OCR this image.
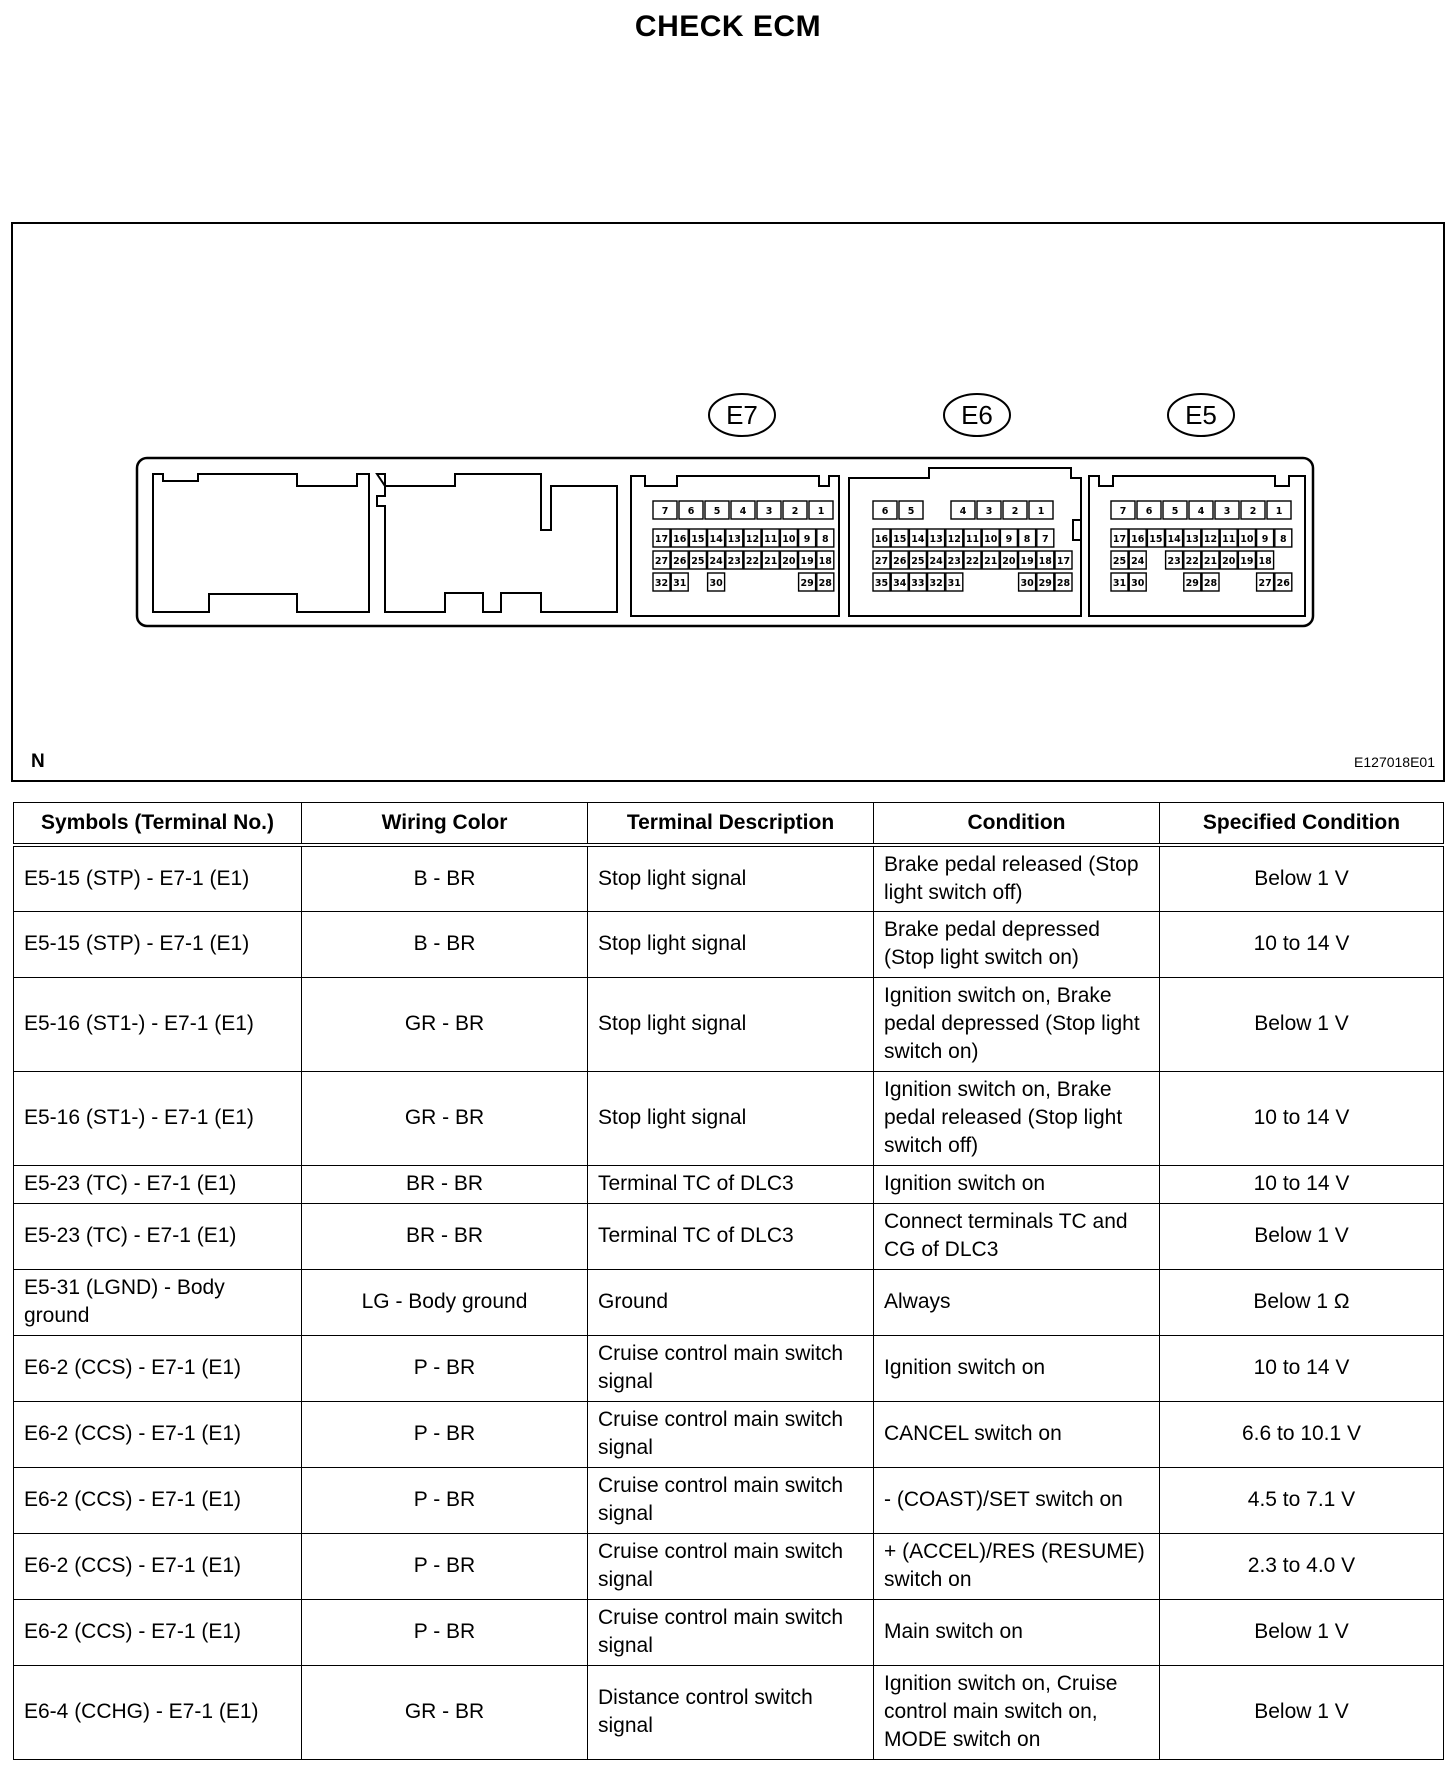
CHECK ECM
7 6 5 4 3 2 1
17 16 15 14 13 12 11 10 9 8
27 26 25 24 23 22 21 20 19 18
32 31 30	29 28
6 5	4 3 2 1
16 15 14 13 12 11 10 9 8 7
27 26 25 24 23 22 21 20 19 18 17
35 34 33 32 31	30 29 28
7 6 5 4 3 2 1
17 16 15 14 13 12 11 10 9 8
25 24 23 22 21 20 19 18
31 30	29 28	27 26
E7	E6	E5
N	E127018E01
Symbols (Terminal No.)	Wiring Color	Terminal Description	Condition	Specified Condition
E5-15 (STP) - E7-1 (E1)	B - BR	Stop light signal	Brake pedal released (Stop light switch off)	Below 1 V
E5-15 (STP) - E7-1 (E1)	B - BR	Stop light signal	Brake pedal depressed (Stop light switch on)	10 to 14 V
E5-16 (ST1-) - E7-1 (E1)	GR - BR	Stop light signal	Ignition switch on, Brake pedal depressed (Stop light switch on)	Below 1 V
E5-16 (ST1-) - E7-1 (E1)	GR - BR	Stop light signal	Ignition switch on, Brake pedal released (Stop light switch off)	10 to 14 V
E5-23 (TC) - E7-1 (E1)	BR - BR	Terminal TC of DLC3	Ignition switch on	10 to 14 V
E5-23 (TC) - E7-1 (E1)	BR - BR	Terminal TC of DLC3	Connect terminals TC and CG of DLC3	Below 1 V
E5-31 (LGND) - Body ground	LG - Body ground	Ground	Always	Below 1 Ω
E6-2 (CCS) - E7-1 (E1)	P - BR	Cruise control main switch signal	Ignition switch on	10 to 14 V
E6-2 (CCS) - E7-1 (E1)	P - BR	Cruise control main switch signal	CANCEL switch on	6.6 to 10.1 V
E6-2 (CCS) - E7-1 (E1)	P - BR	Cruise control main switch signal	- (COAST)/SET switch on	4.5 to 7.1 V
E6-2 (CCS) - E7-1 (E1)	P - BR	Cruise control main switch signal	+ (ACCEL)/RES (RESUME) switch on	2.3 to 4.0 V
E6-2 (CCS) - E7-1 (E1)	P - BR	Cruise control main switch signal	Main switch on	Below 1 V
E6-4 (CCHG) - E7-1 (E1)	GR - BR	Distance control switch signal	Ignition switch on, Cruise control main switch on, MODE switch on	Below 1 V
